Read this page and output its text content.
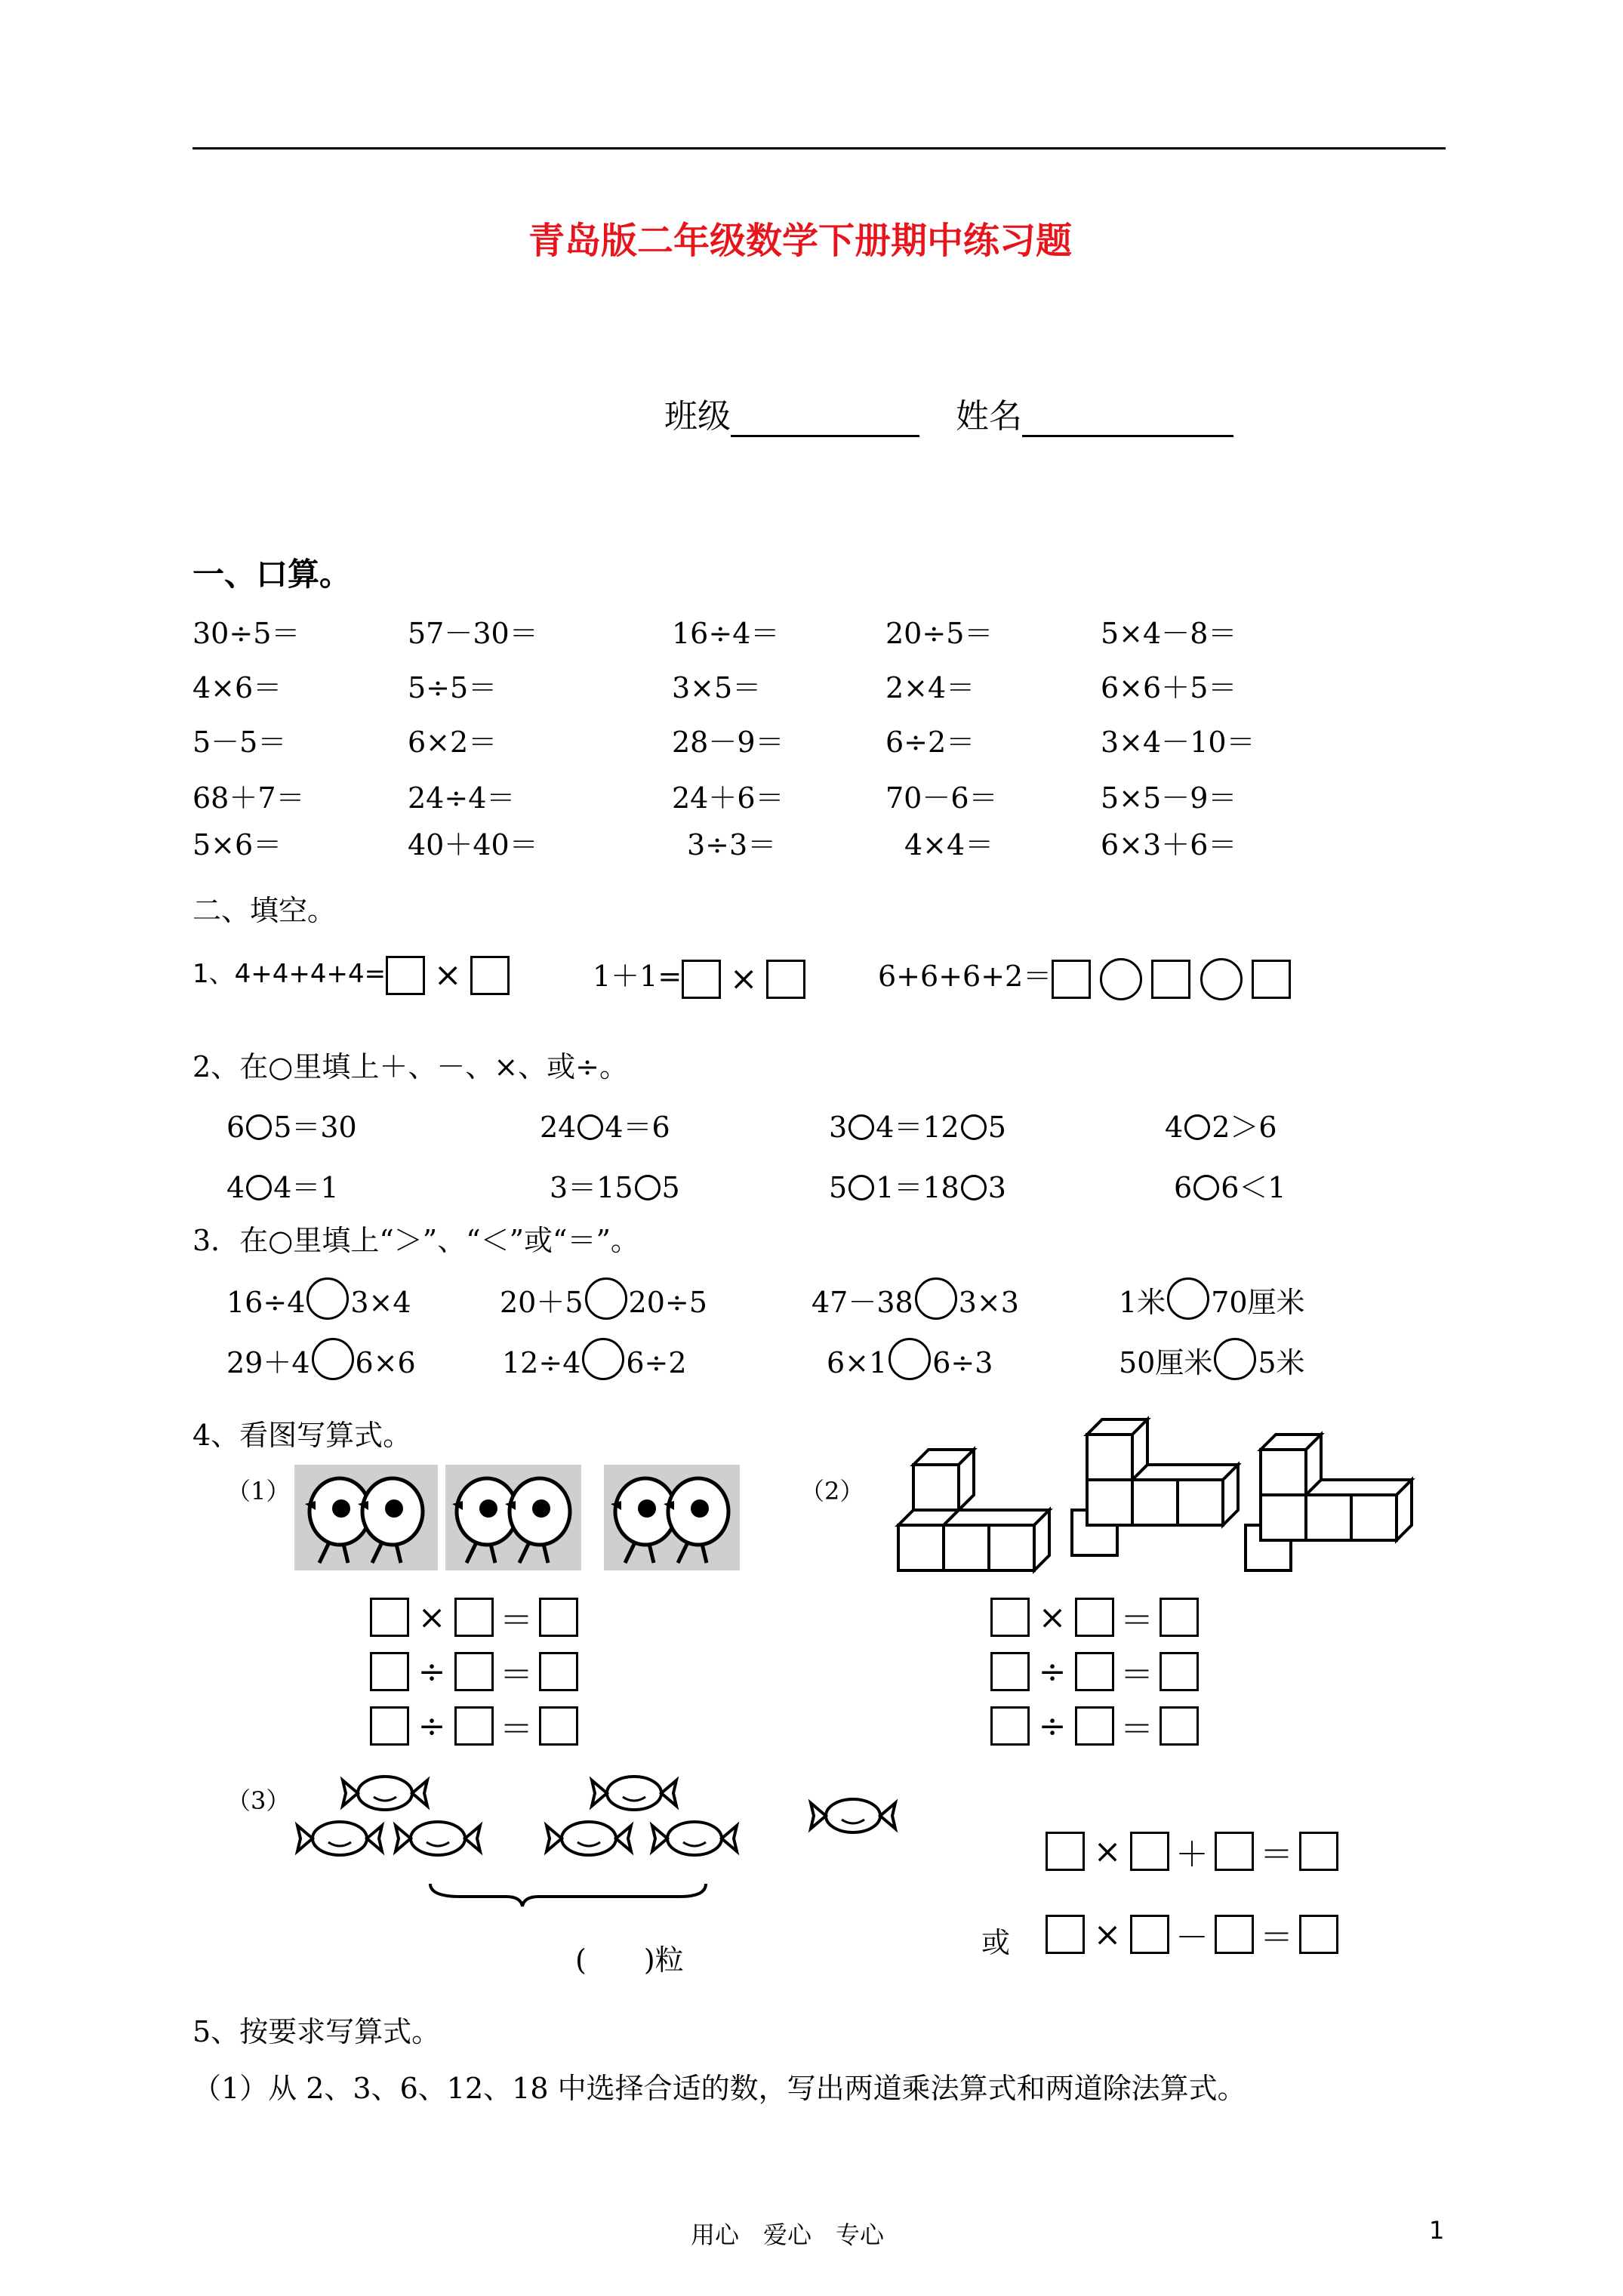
青岛版二年级数学下册期中练习题
班级	姓名
一、口算。
30÷5＝	57－30＝	16÷4＝	20÷5＝	5×4－8＝
4×6＝	5÷5＝	3×5＝	2×4＝	6×6＋5＝
5－5＝	6×2＝	28－9＝	6÷2＝	3×4－10＝
68＋7＝	24÷4＝	24＋6＝	70－6＝	5×5－9＝
5×6＝	40＋40＝	3÷3＝	4×4＝	6×3＋6＝
二、填空。
1、4+4+4+4= ×	1＋1= ×	6+6+6+2＝
2、在○里填上＋、－、×、或÷。
6 5＝30	24 4＝6	3 4＝12 5	4 2＞6
4 4＝1	3＝15 5	5 1＝18 3	6 6＜1
3．在○里填上“＞”、“＜”或“＝”。
16÷4 3×4	20＋5 20÷5	47－38 3×3	1米 70厘米
29＋4 6×6	12÷4 6÷2	6×1 6÷3	50厘米 5米
4、看图写算式。
（1）
× ＝
÷ ＝
÷ ＝
（2）
× ＝
÷ ＝
÷ ＝
（3）
(　　)粒
× ＋ ＝
或	× － ＝
5、按要求写算式。
（1）从 2、3、6、12、18 中选择合适的数，写出两道乘法算式和两道除法算式。
用心　爱心　专心	1
